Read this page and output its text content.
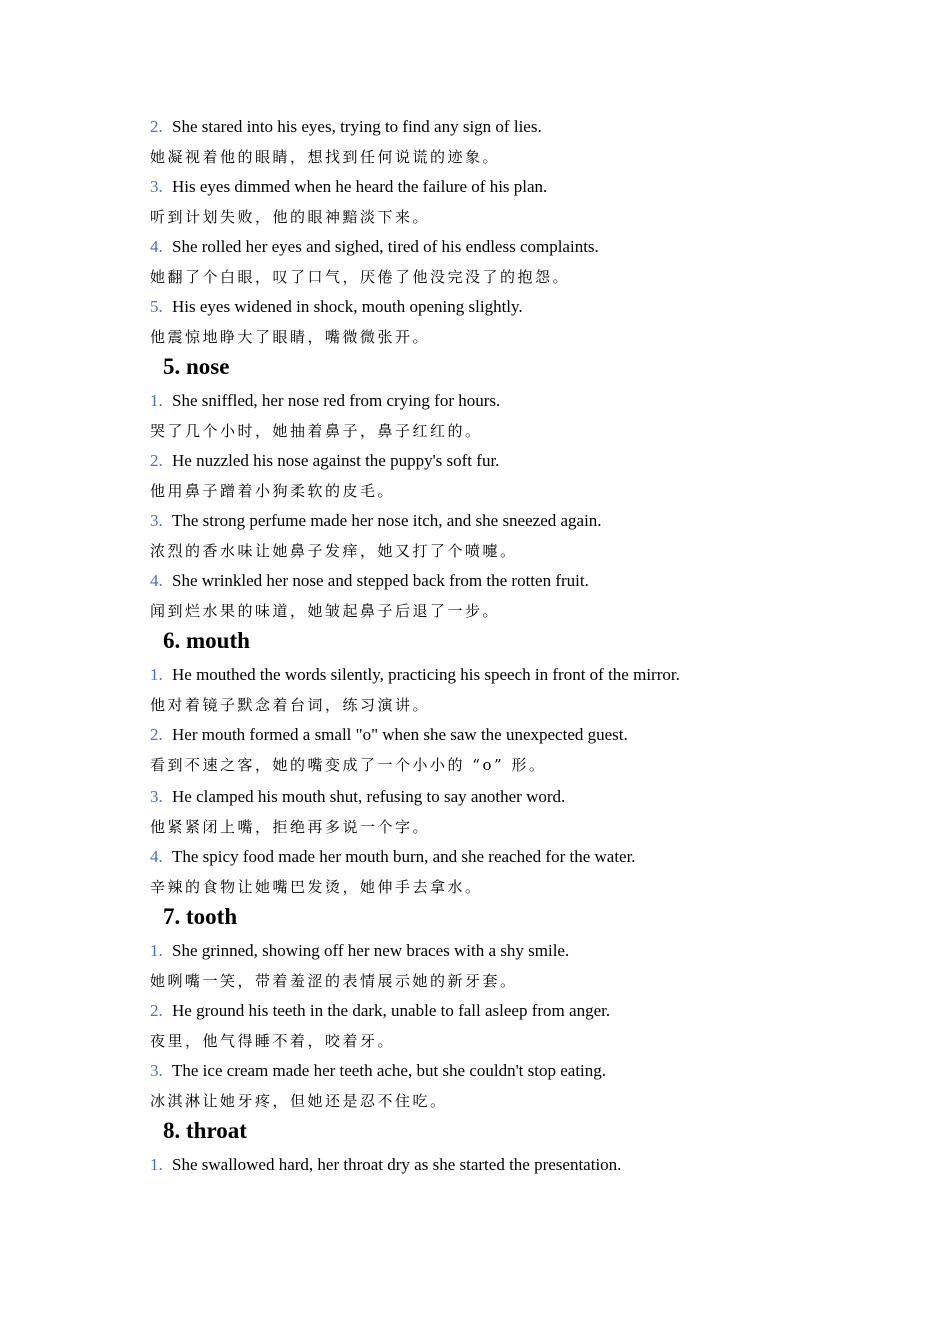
2. She stared into his eyes, trying to find any sign of lies.
她凝视着他的眼睛，想找到任何说谎的迹象。
3. His eyes dimmed when he heard the failure of his plan.
听到计划失败，他的眼神黯淡下来。
4. She rolled her eyes and sighed, tired of his endless complaints.
她翻了个白眼，叹了口气，厌倦了他没完没了的抱怨。
5. His eyes widened in shock, mouth opening slightly.
他震惊地睁大了眼睛，嘴微微张开。
5. nose
1. She sniffled, her nose red from crying for hours.
哭了几个小时，她抽着鼻子，鼻子红红的。
2. He nuzzled his nose against the puppy's soft fur.
他用鼻子蹭着小狗柔软的皮毛。
3. The strong perfume made her nose itch, and she sneezed again.
浓烈的香水味让她鼻子发痒，她又打了个喷嚏。
4. She wrinkled her nose and stepped back from the rotten fruit.
闻到烂水果的味道，她皱起鼻子后退了一步。
6. mouth
1. He mouthed the words silently, practicing his speech in front of the mirror.
他对着镜子默念着台词，练习演讲。
2. Her mouth formed a small "o" when she saw the unexpected guest.
看到不速之客，她的嘴变成了一个小小的 “o” 形。
3. He clamped his mouth shut, refusing to say another word.
他紧紧闭上嘴，拒绝再多说一个字。
4. The spicy food made her mouth burn, and she reached for the water.
辛辣的食物让她嘴巴发烫，她伸手去拿水。
7. tooth
1. She grinned, showing off her new braces with a shy smile.
她咧嘴一笑，带着羞涩的表情展示她的新牙套。
2. He ground his teeth in the dark, unable to fall asleep from anger.
夜里，他气得睡不着，咬着牙。
3. The ice cream made her teeth ache, but she couldn't stop eating.
冰淇淋让她牙疼，但她还是忍不住吃。
8. throat
1. She swallowed hard, her throat dry as she started the presentation.
